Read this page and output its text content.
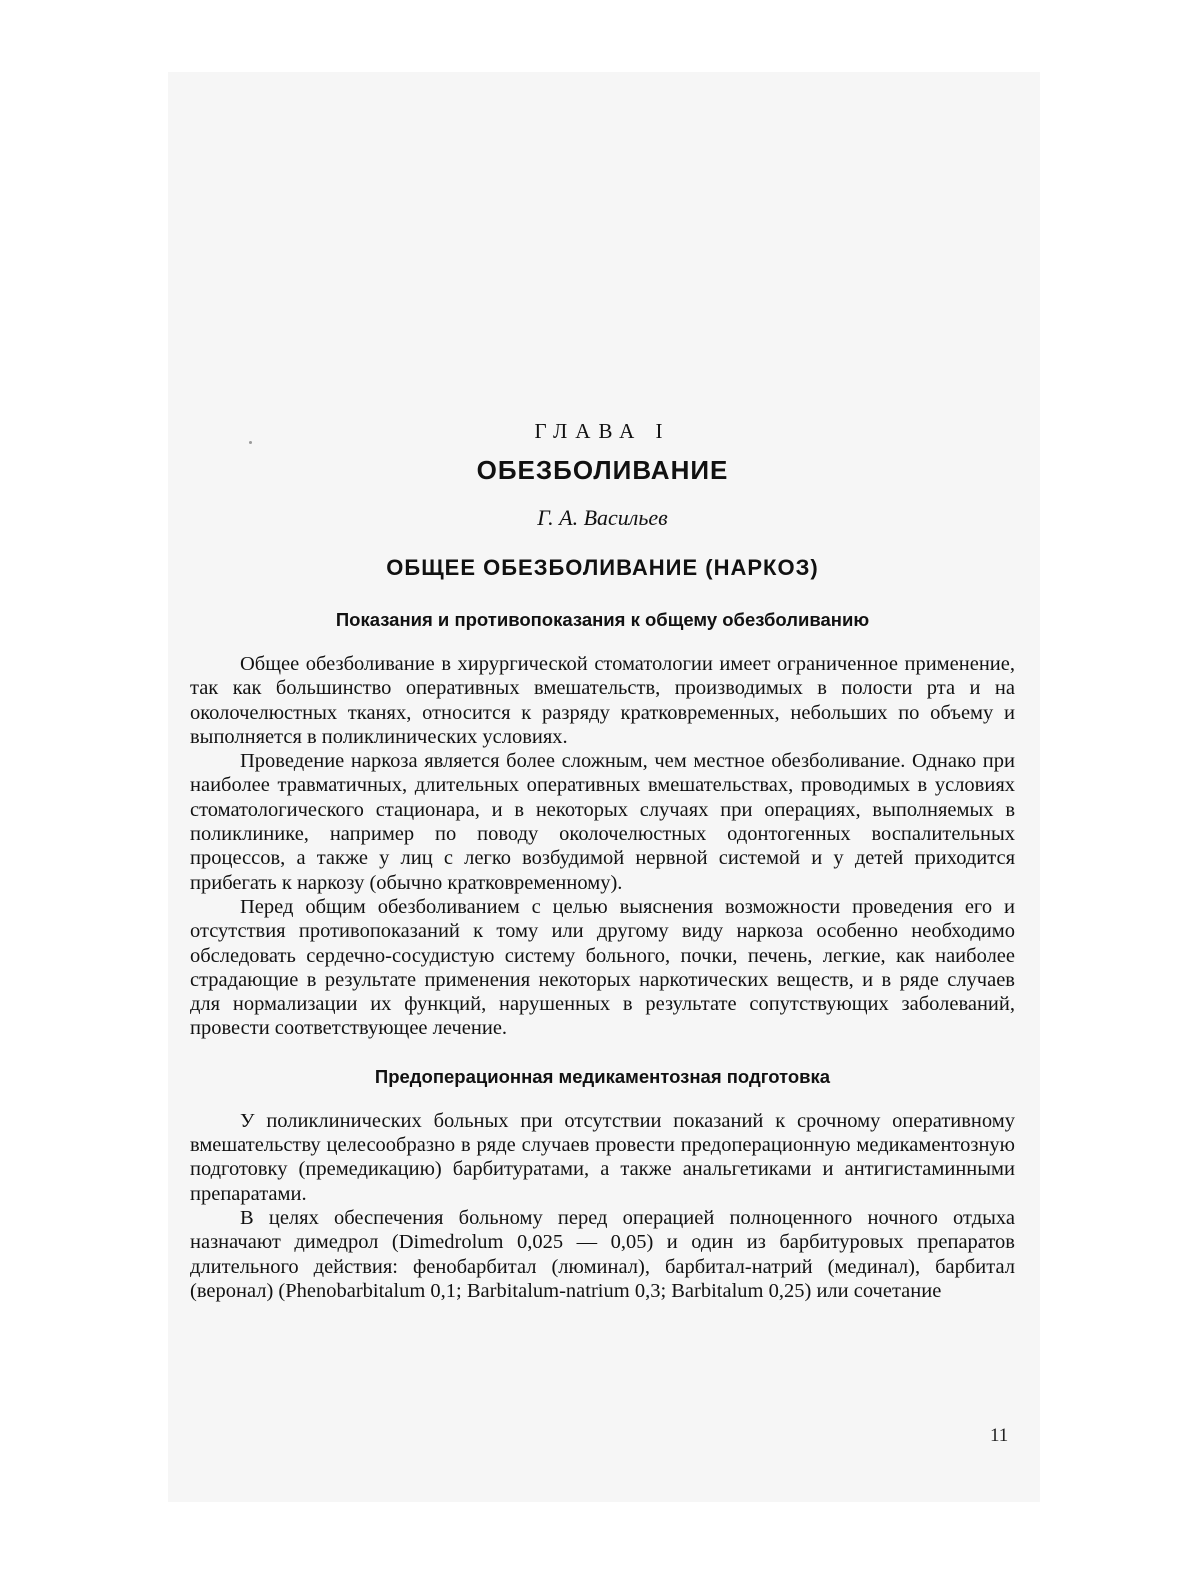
ГЛАВА I
ОБЕЗБОЛИВАНИЕ
Г. А. Васильев
ОБЩЕЕ ОБЕЗБОЛИВАНИЕ (НАРКОЗ)
Показания и противопоказания к общему обезболиванию

Общее обезболивание в хирургической стоматологии имеет ограниченное применение, так как большинство оперативных вмешательств, производимых в полости рта и на околочелюстных тканях, относится к разряду кратковременных, небольших по объему и выполняется в поликлинических условиях.

Проведение наркоза является более сложным, чем местное обезболивание. Однако при наиболее травматичных, длительных оперативных вмешательствах, проводимых в условиях стоматологического стационара, и в некоторых случаях при операциях, выполняемых в поликлинике, например по поводу околочелюстных одонтогенных воспалительных процессов, а также у лиц с легко возбудимой нервной системой и у детей приходится прибегать к наркозу (обычно кратковременному).

Перед общим обезболиванием с целью выяснения возможности проведения его и отсутствия противопоказаний к тому или другому виду наркоза особенно необходимо обследовать сердечно-сосудистую систему больного, почки, печень, легкие, как наиболее страдающие в результате применения некоторых наркотических веществ, и в ряде случаев для нормализации их функций, нарушенных в результате сопутствующих заболеваний, провести соответствующее лечение.

Предоперационная медикаментозная подготовка

У поликлинических больных при отсутствии показаний к срочному оперативному вмешательству целесообразно в ряде случаев провести предоперационную медикаментозную подготовку (премедикацию) барбитуратами, а также анальгетиками и антигистаминными препаратами.

В целях обеспечения больному перед операцией полноценного ночного отдыха назначают димедрол (Dimedrolum 0,025 — 0,05) и один из барбитуровых препаратов длительного действия: фенобарбитал (люминал), барбитал-натрий (мединал), барбитал (веронал) (Phenobarbitalum 0,1; Barbitalum-natrium 0,3; Barbitalum 0,25) или сочетание

11
